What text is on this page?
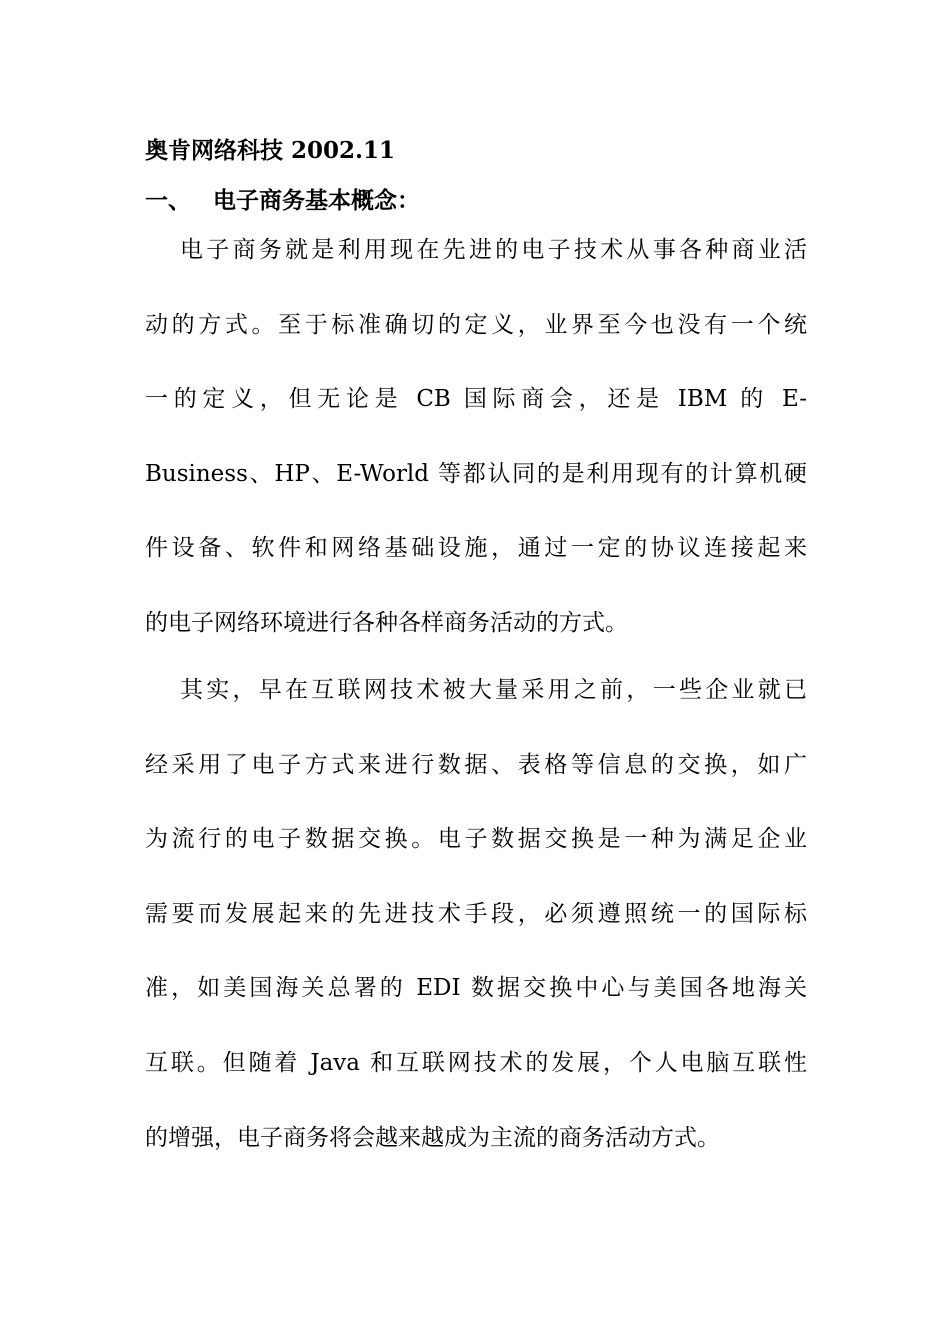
奥肯网络科技 2002.11
一、 电子商务基本概念：
电子商务就是利用现在先进的电子技术从事各种商业活
动的方式。至于标准确切的定义，业界至今也没有一个统
一的定义，但无论是 CB 国际商会，还是 IBM 的 E-
Business、HP、E-World 等都认同的是利用现有的计算机硬
件设备、软件和网络基础设施，通过一定的协议连接起来
的电子网络环境进行各种各样商务活动的方式。
其实，早在互联网技术被大量采用之前，一些企业就已
经采用了电子方式来进行数据、表格等信息的交换，如广
为流行的电子数据交换。电子数据交换是一种为满足企业
需要而发展起来的先进技术手段，必须遵照统一的国际标
准，如美国海关总署的 EDI 数据交换中心与美国各地海关
互联。但随着 Java 和互联网技术的发展，个人电脑互联性
的增强，电子商务将会越来越成为主流的商务活动方式。
